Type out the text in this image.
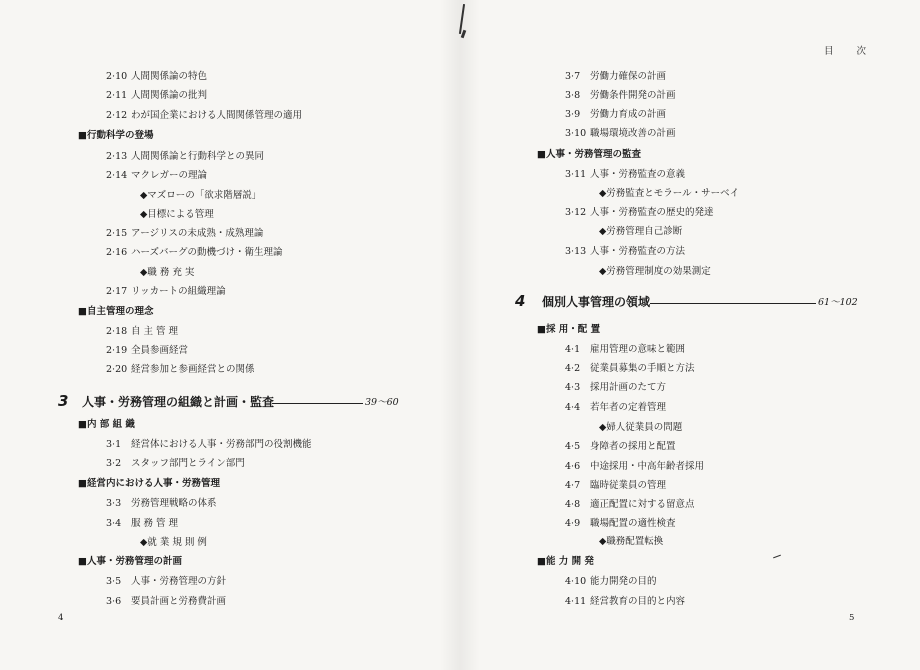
2·10 人間関係論の特色
2·11 人間関係論の批判
2·12 わが国企業における人間関係管理の適用
■行動科学の登場
2·13 人間関係論と行動科学との異同
2·14 マクレガーの理論
◆マズローの「欲求階層説」
◆目標による管理
2·15 アージリスの未成熟・成熟理論
2·16 ハーズバーグの動機づけ・衛生理論
◆職 務 充 実
2·17 リッカートの組織理論
■自主管理の理念
2·18 自 主 管 理
2·19 全員参画経営
2·20 経営参加と参画経営との関係
3 人事・労務管理の組織と計画・監査	39～60
■内 部 組 織
3·1 経営体における人事・労務部門の役割機能
3·2 スタッフ部門とライン部門
■経営内における人事・労務管理
3·3 労務管理戦略の体系
3·4 服 務 管 理
◆就 業 規 則 例
■人事・労務管理の計画
3·5 人事・労務管理の方針
3·6 要員計画と労務費計画
4
3·7 労働力確保の計画
3·8 労働条件開発の計画
3·9 労働力育成の計画
3·10 職場環境改善の計画
■人事・労務管理の監査
3·11 人事・労務監査の意義
◆労務監査とモラール・サーベイ
3·12 人事・労務監査の歴史的発達
◆労務管理自己診断
3·13 人事・労務監査の方法
◆労務管理制度の効果測定
4 個別人事管理の領域	61～102
■採 用・配 置
4·1 雇用管理の意味と範囲
4·2 従業員募集の手順と方法
4·3 採用計画のたて方
4·4 若年者の定着管理
◆婦人従業員の問題
4·5 身障者の採用と配置
4·6 中途採用・中高年齢者採用
4·7 臨時従業員の管理
4·8 適正配置に対する留意点
4·9 職場配置の適性検査
◆職務配置転換
■能 力 開 発
4·10 能力開発の目的
4·11 経営教育の目的と内容
5
目 次
